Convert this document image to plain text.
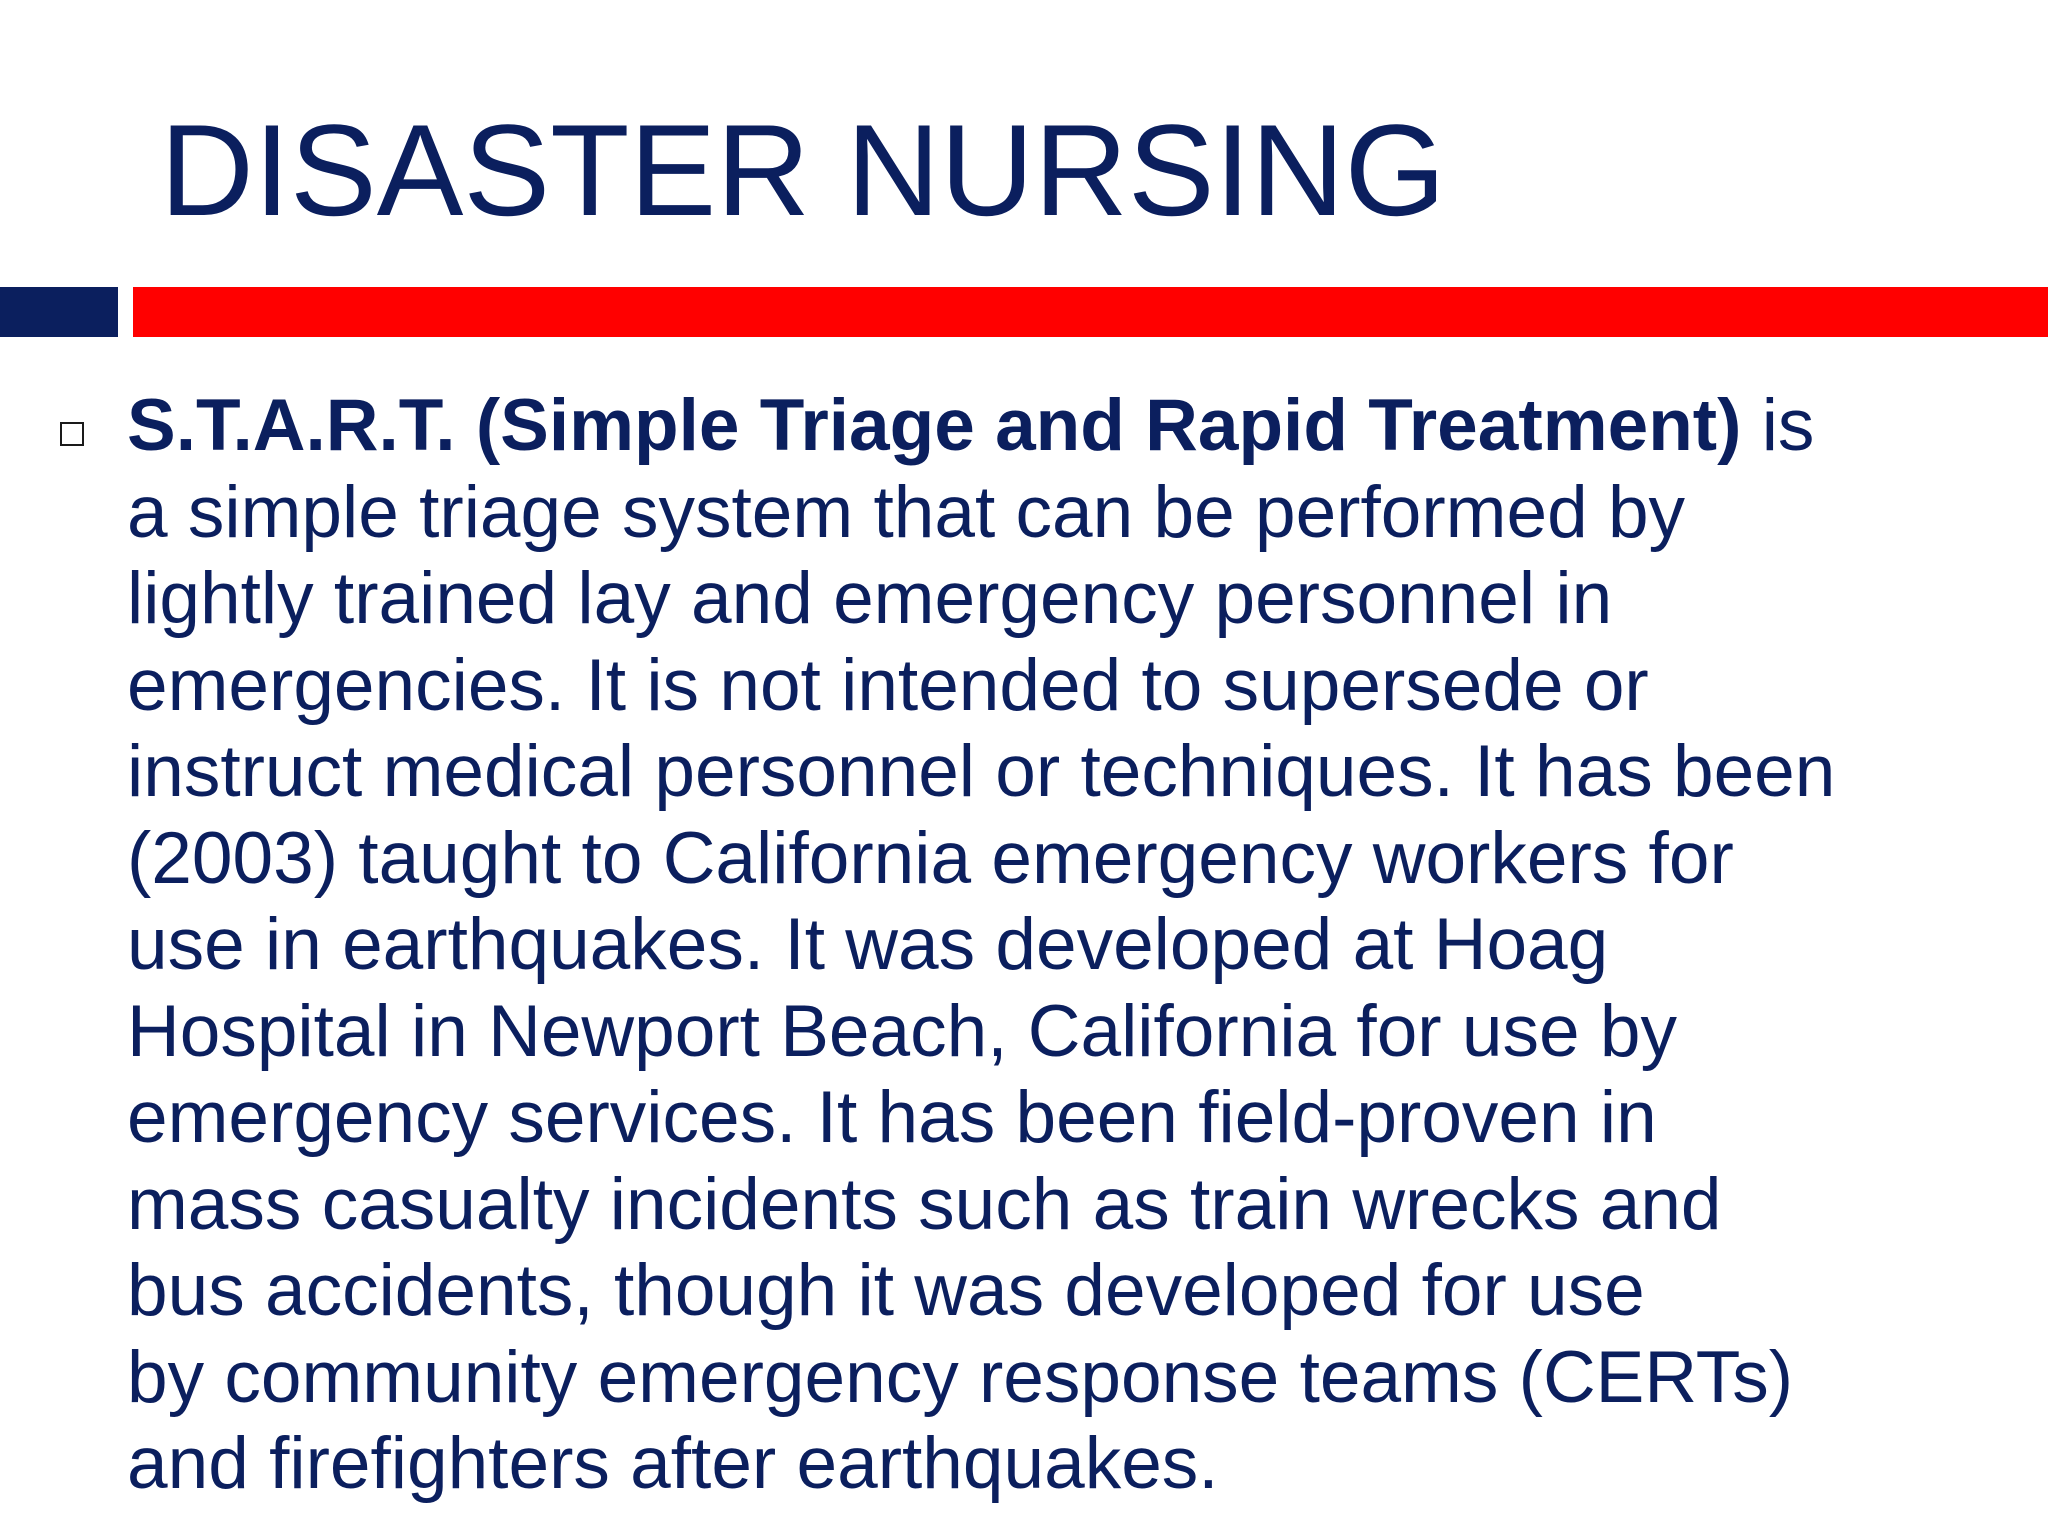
DISASTER NURSING

S.T.A.R.T. (Simple Triage and Rapid Treatment) is
a simple triage system that can be performed by
lightly trained lay and emergency personnel in
emergencies. It is not intended to supersede or
instruct medical personnel or techniques. It has been
(2003) taught to California emergency workers for
use in earthquakes. It was developed at Hoag
Hospital in Newport Beach, California for use by
emergency services. It has been field-proven in
mass casualty incidents such as train wrecks and
bus accidents, though it was developed for use
by community emergency response teams (CERTs)
and firefighters after earthquakes.
